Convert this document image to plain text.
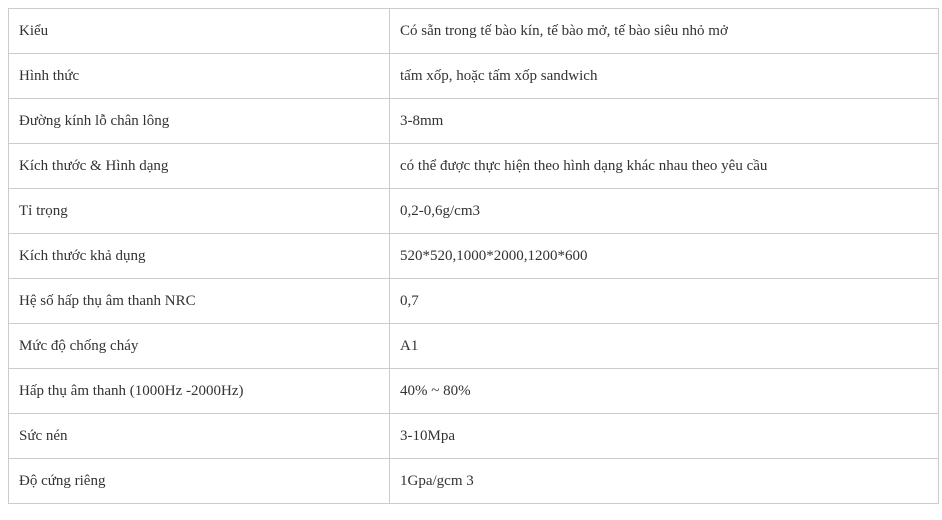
Kiểu	Có sẵn trong tế bào kín, tế bào mở, tế bào siêu nhỏ mở
Hình thức	tấm xốp, hoặc tấm xốp sandwich
Đường kính lỗ chân lông	3-8mm
Kích thước & Hình dạng	có thể được thực hiện theo hình dạng khác nhau theo yêu cầu
Tỉ trọng	0,2-0,6g/cm3
Kích thước khả dụng	520*520,1000*2000,1200*600
Hệ số hấp thụ âm thanh NRC	0,7
Mức độ chống cháy	A1
Hấp thụ âm thanh (1000Hz -2000Hz)	40% ~ 80%
Sức nén	3-10Mpa
Độ cứng riêng	1Gpa/gcm 3
